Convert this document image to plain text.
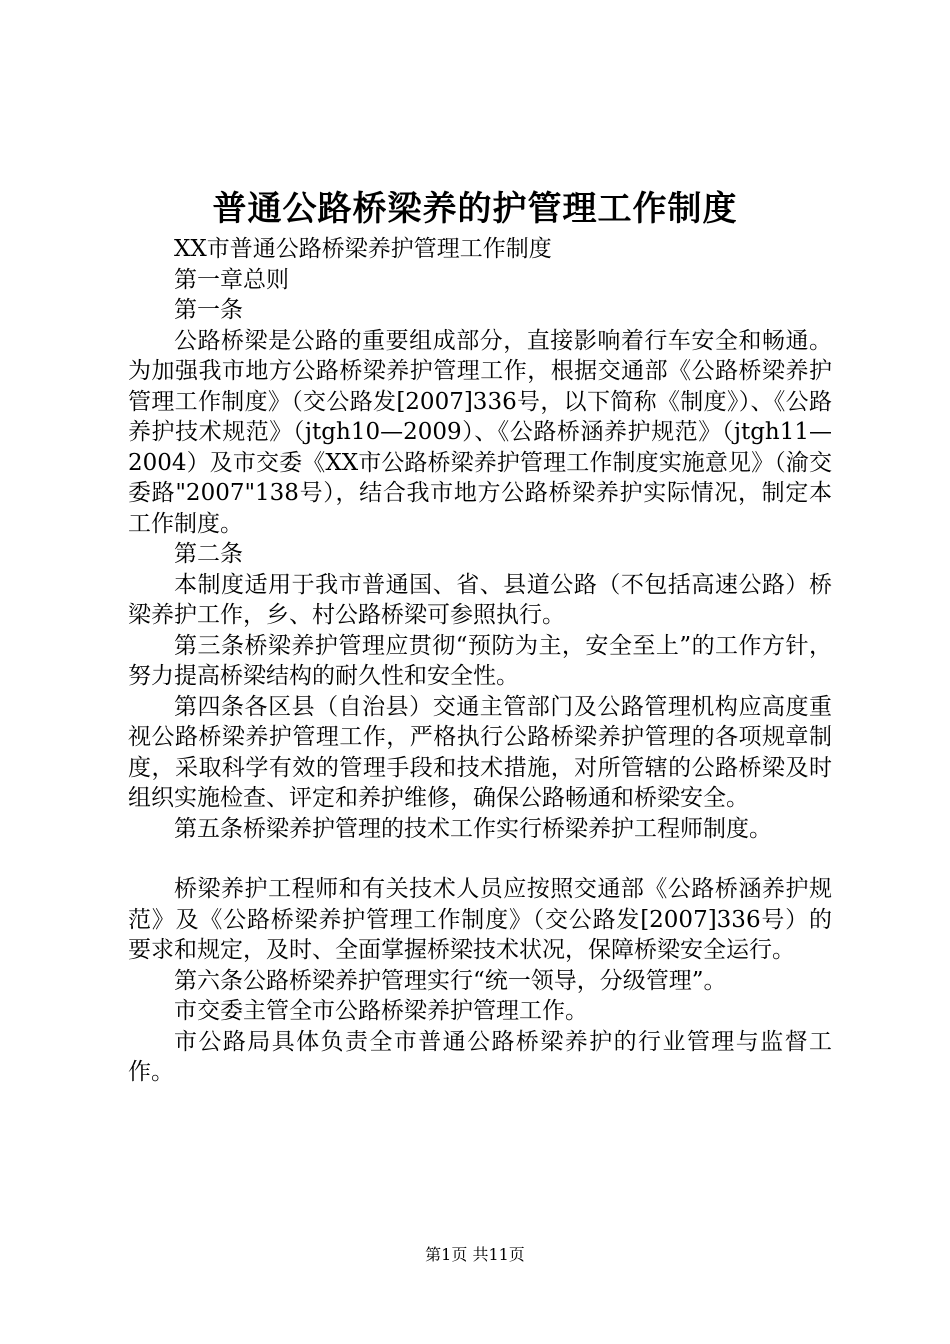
普通公路桥梁养的护管理工作制度

XX市普通公路桥梁养护管理工作制度

第一章总则

第一条

公路桥梁是公路的重要组成部分，直接影响着行车安全和畅通。为加强我市地方公路桥梁养护管理工作，根据交通部《公路桥梁养护管理工作制度》（交公路发[2007]336号，以下简称《制度》）、《公路养护技术规范》（jtgh10—2009）、《公路桥涵养护规范》（jtgh11—2004）及市交委《XX市公路桥梁养护管理工作制度实施意见》（渝交委路"2007"138号），结合我市地方公路桥梁养护实际情况，制定本工作制度。

第二条

本制度适用于我市普通国、省、县道公路（不包括高速公路）桥梁养护工作，乡、村公路桥梁可参照执行。

第三条桥梁养护管理应贯彻“预防为主，安全至上”的工作方针，努力提高桥梁结构的耐久性和安全性。

第四条各区县（自治县）交通主管部门及公路管理机构应高度重视公路桥梁养护管理工作，严格执行公路桥梁养护管理的各项规章制度，采取科学有效的管理手段和技术措施，对所管辖的公路桥梁及时组织实施检查、评定和养护维修，确保公路畅通和桥梁安全。

第五条桥梁养护管理的技术工作实行桥梁养护工程师制度。

桥梁养护工程师和有关技术人员应按照交通部《公路桥涵养护规范》及《公路桥梁养护管理工作制度》（交公路发[2007]336号）的要求和规定，及时、全面掌握桥梁技术状况，保障桥梁安全运行。

第六条公路桥梁养护管理实行“统一领导，分级管理”。

市交委主管全市公路桥梁养护管理工作。

市公路局具体负责全市普通公路桥梁养护的行业管理与监督工作。

第1页 共11页
